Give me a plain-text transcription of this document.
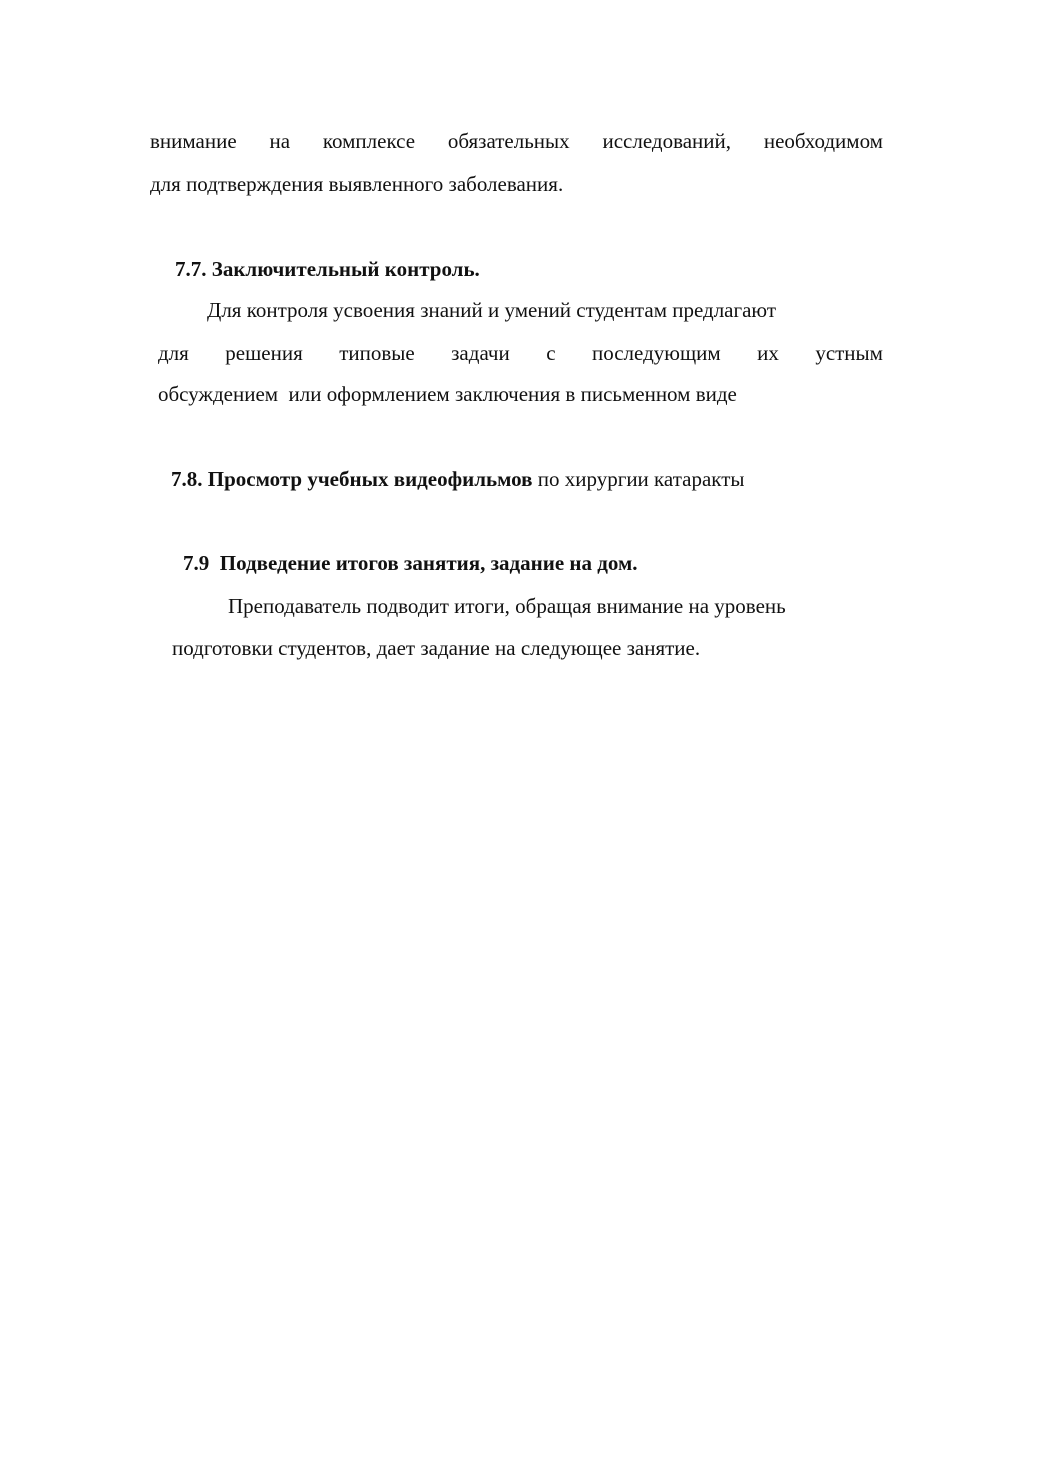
внимание на комплексе обязательных исследований, необходимом
для подтверждения выявленного заболевания.
7.7. Заключительный контроль.
Для контроля усвоения знаний и умений студентам предлагают
для решения типовые задачи с последующим их устным
обсуждением  или оформлением заключения в письменном виде
7.8. Просмотр учебных видеофильмов по хирургии катаракты
7.9  Подведение итогов занятия, задание на дом.
Преподаватель подводит итоги, обращая внимание на уровень
подготовки студентов, дает задание на следующее занятие.
